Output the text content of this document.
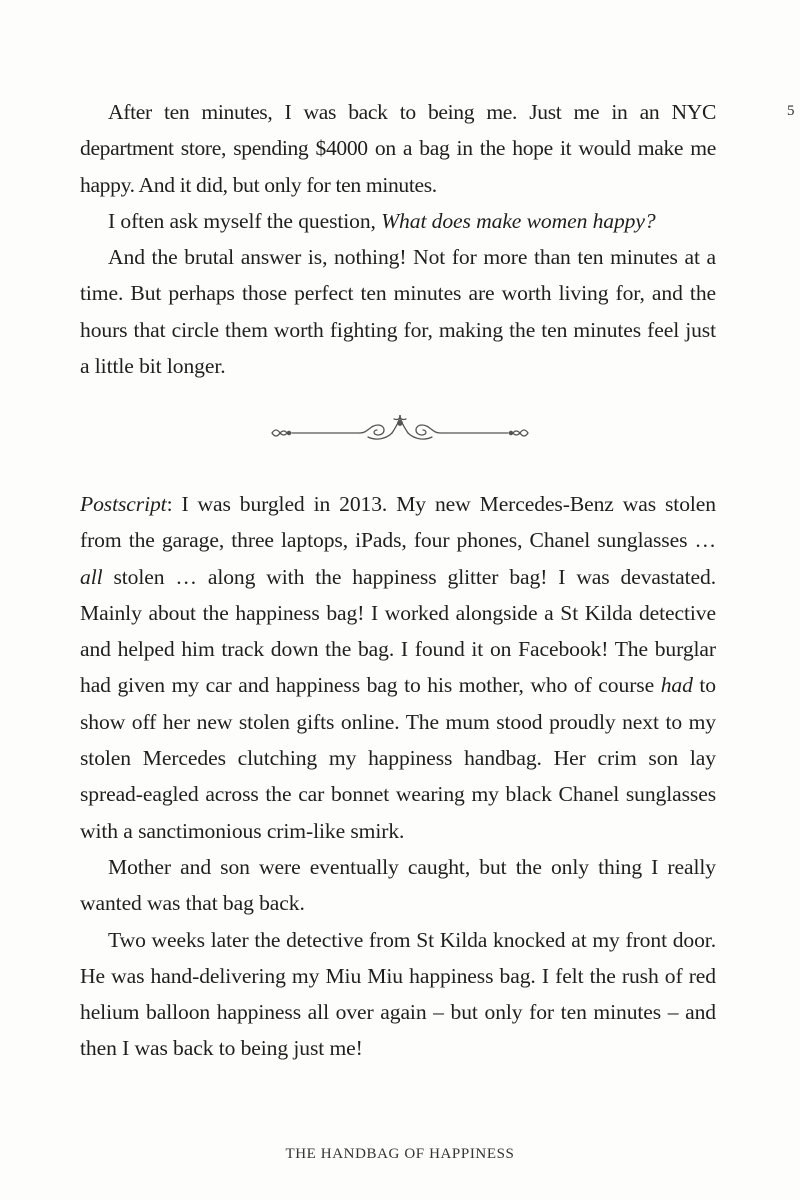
5

After ten minutes, I was back to being me. Just me in an NYC department store, spending $4000 on a bag in the hope it would make me happy. And it did, but only for ten minutes.

I often ask myself the question, What does make women happy?

And the brutal answer is, nothing! Not for more than ten minutes at a time. But perhaps those perfect ten minutes are worth living for, and the hours that circle them worth fighting for, making the ten minutes feel just a little bit longer.

Postscript: I was burgled in 2013. My new Mercedes-Benz was stolen from the garage, three laptops, iPads, four phones, Chanel sunglasses … all stolen … along with the happiness glitter bag! I was devastated. Mainly about the happiness bag! I worked alongside a St Kilda detective and helped him track down the bag. I found it on Facebook! The burglar had given my car and happiness bag to his mother, who of course had to show off her new stolen gifts online. The mum stood proudly next to my stolen Mercedes clutching my happiness handbag. Her crim son lay spread-eagled across the car bonnet wearing my black Chanel sunglasses with a sanctimonious crim-like smirk.

Mother and son were eventually caught, but the only thing I really wanted was that bag back.

Two weeks later the detective from St Kilda knocked at my front door. He was hand-delivering my Miu Miu happiness bag. I felt the rush of red helium balloon happiness all over again – but only for ten minutes – and then I was back to being just me!

THE HANDBAG OF HAPPINESS
